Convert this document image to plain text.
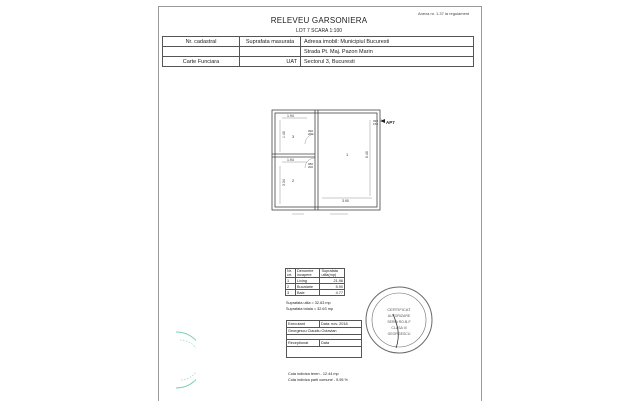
Anexa nr. 1.37 la regulament
RELEVEU GARSONIERA
LOT 7 SCARA 1:100
Nr. cadastral	Suprafata masurata	Adresa imobil: Municipiul Bucuresti
		Strada Pt. Maj. Pazon Marin
Carte Funciara	UAT	Sectorul 3, Bucuresti
1.94
1.40
1.94
3.34
3.90
6.40
090
200
080
200
090
150 AP7
1
3
2
Nr. crt.	Denumire incapere	Suprafata utila(mp)
1	Living	21.96
2	Bucatarie	5.90
3	Baie	4.77
Suprafata utila = 32.63 mp
Suprafata totala = 32.63 mp
Executant	Data: nov. 2018
Georgescu Claudiu Octavian	

Receptionat	Data

Cota indiviza teren - 12.44 mp
Cota indiviza parti comune - 5.95 %
CERTIFICAT
AUTORIZARE
SERIA RO-B-F
CLASA III
GEORGESCU
